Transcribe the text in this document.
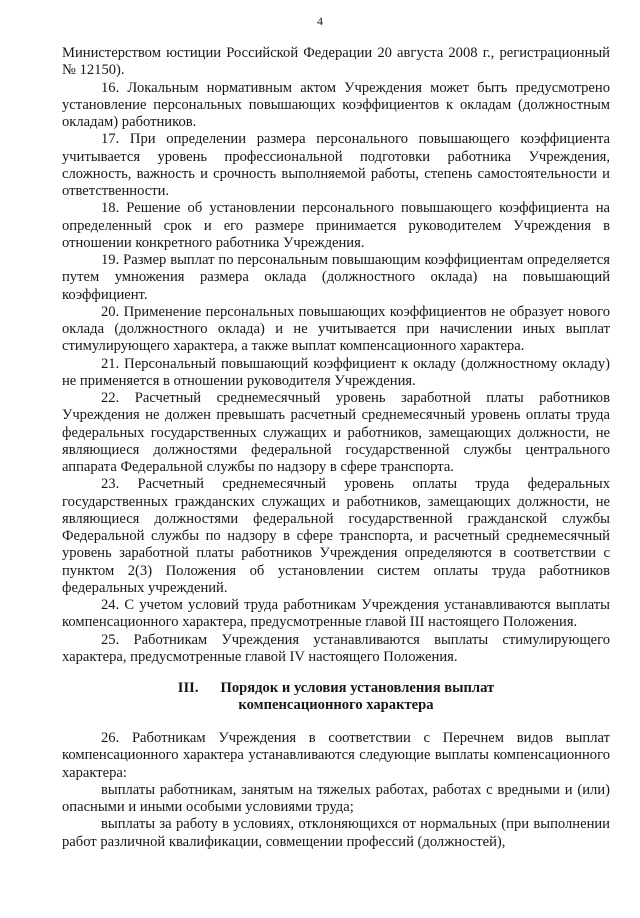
4

Министерством юстиции Российской Федерации 20 августа 2008 г., регистрационный № 12150).

16. Локальным нормативным актом Учреждения может быть предусмотрено установление персональных повышающих коэффициентов к окладам (должностным окладам) работников.

17. При определении размера персонального повышающего коэффициента учитывается уровень профессиональной подготовки работника Учреждения, сложность, важность и срочность выполняемой работы, степень самостоятельности и ответственности.

18. Решение об установлении персонального повышающего коэффициента на определенный срок и его размере принимается руководителем Учреждения в отношении конкретного работника Учреждения.

19. Размер выплат по персональным повышающим коэффициентам определяется путем умножения размера оклада (должностного оклада) на повышающий коэффициент.

20. Применение персональных повышающих коэффициентов не образует нового оклада (должностного оклада) и не учитывается при начислении иных выплат стимулирующего характера, а также выплат компенсационного характера.

21. Персональный повышающий коэффициент к окладу (должностному окладу) не применяется в отношении руководителя Учреждения.

22. Расчетный среднемесячный уровень заработной платы работников Учреждения не должен превышать расчетный среднемесячный уровень оплаты труда федеральных государственных служащих и работников, замещающих должности, не являющиеся должностями федеральной государственной службы центрального аппарата Федеральной службы по надзору в сфере транспорта.

23. Расчетный среднемесячный уровень оплаты труда федеральных государственных гражданских служащих и работников, замещающих должности, не являющиеся должностями федеральной государственной гражданской службы Федеральной службы по надзору в сфере транспорта, и расчетный среднемесячный уровень заработной платы работников Учреждения определяются в соответствии с пунктом 2(3) Положения об установлении систем оплаты труда работников федеральных учреждений.

24. С учетом условий труда работникам Учреждения устанавливаются выплаты компенсационного характера, предусмотренные главой III настоящего Положения.

25. Работникам Учреждения устанавливаются выплаты стимулирующего характера, предусмотренные главой IV настоящего Положения.

III. Порядок и условия установления выплат
компенсационного характера

26. Работникам Учреждения в соответствии с Перечнем видов выплат компенсационного характера устанавливаются следующие выплаты компенсационного характера:

выплаты работникам, занятым на тяжелых работах, работах с вредными и (или) опасными и иными особыми условиями труда;

выплаты за работу в условиях, отклоняющихся от нормальных (при выполнении работ различной квалификации, совмещении профессий (должностей),
